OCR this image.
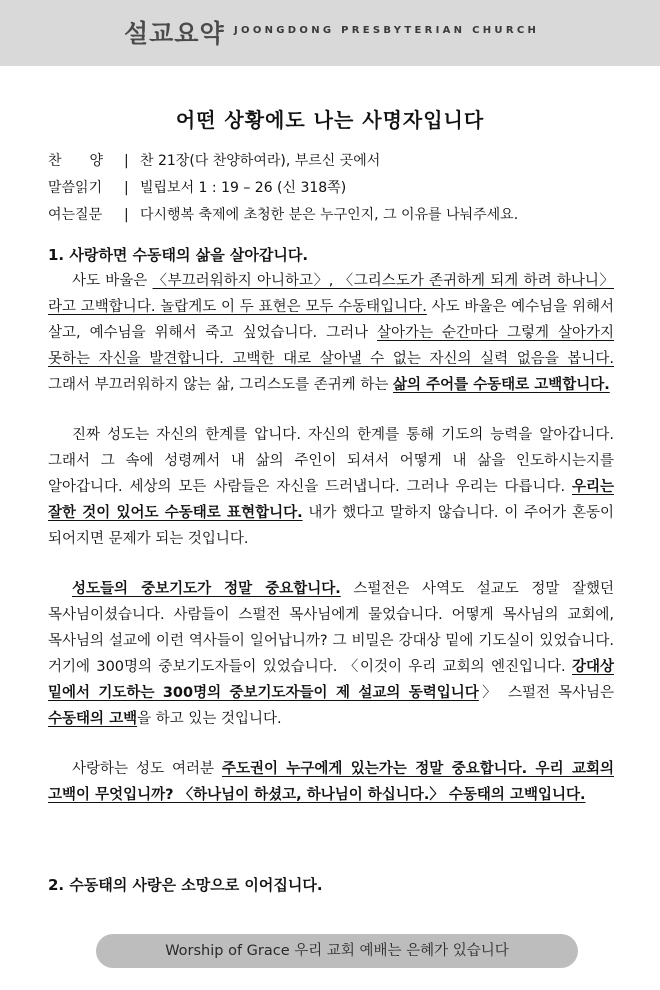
설교요약 JOONGDONG PRESBYTERIAN CHURCH
어떤 상황에도 나는 사명자입니다
찬　　양 | 찬 21장(다 찬양하여라), 부르신 곳에서
말씀읽기 | 빌립보서 1 : 19 – 26 (신 318쪽)
여는질문 | 다시행복 축제에 초청한 분은 누구인지, 그 이유를 나눠주세요.
1. 사랑하면 수동태의 삶을 살아갑니다.

사도 바울은 〈부끄러워하지 아니하고〉, 〈그리스도가 존귀하게 되게 하려 하나니〉라고 고백합니다. 놀랍게도 이 두 표현은 모두 수동태입니다. 사도 바울은 예수님을 위해서 살고, 예수님을 위해서 죽고 싶었습니다. 그러나 살아가는 순간마다 그렇게 살아가지 못하는 자신을 발견합니다. 고백한 대로 살아낼 수 없는 자신의 실력 없음을 봅니다. 그래서 부끄러워하지 않는 삶, 그리스도를 존귀케 하는 삶의 주어를 수동태로 고백합니다.

진짜 성도는 자신의 한계를 압니다. 자신의 한계를 통해 기도의 능력을 알아갑니다. 그래서 그 속에 성령께서 내 삶의 주인이 되셔서 어떻게 내 삶을 인도하시는지를 알아갑니다. 세상의 모든 사람들은 자신을 드러냅니다. 그러나 우리는 다릅니다. 우리는 잘한 것이 있어도 수동태로 표현합니다. 내가 했다고 말하지 않습니다. 이 주어가 혼동이 되어지면 문제가 되는 것입니다.

성도들의 중보기도가 정말 중요합니다. 스펄전은 사역도 설교도 정말 잘했던 목사님이셨습니다. 사람들이 스펄전 목사님에게 물었습니다. 어떻게 목사님의 교회에, 목사님의 설교에 이런 역사들이 일어납니까? 그 비밀은 강대상 밑에 기도실이 있었습니다. 거기에 300명의 중보기도자들이 있었습니다. 〈이것이 우리 교회의 엔진입니다. 강대상 밑에서 기도하는 300명의 중보기도자들이 제 설교의 동력입니다〉 스펄전 목사님은 수동태의 고백을 하고 있는 것입니다.

사랑하는 성도 여러분 주도권이 누구에게 있는가는 정말 중요합니다. 우리 교회의 고백이 무엇입니까? 〈하나님이 하셨고, 하나님이 하십니다.〉 수동태의 고백입니다.

2. 수동태의 사랑은 소망으로 이어집니다.
Worship of Grace 우리 교회 예배는 은혜가 있습니다
